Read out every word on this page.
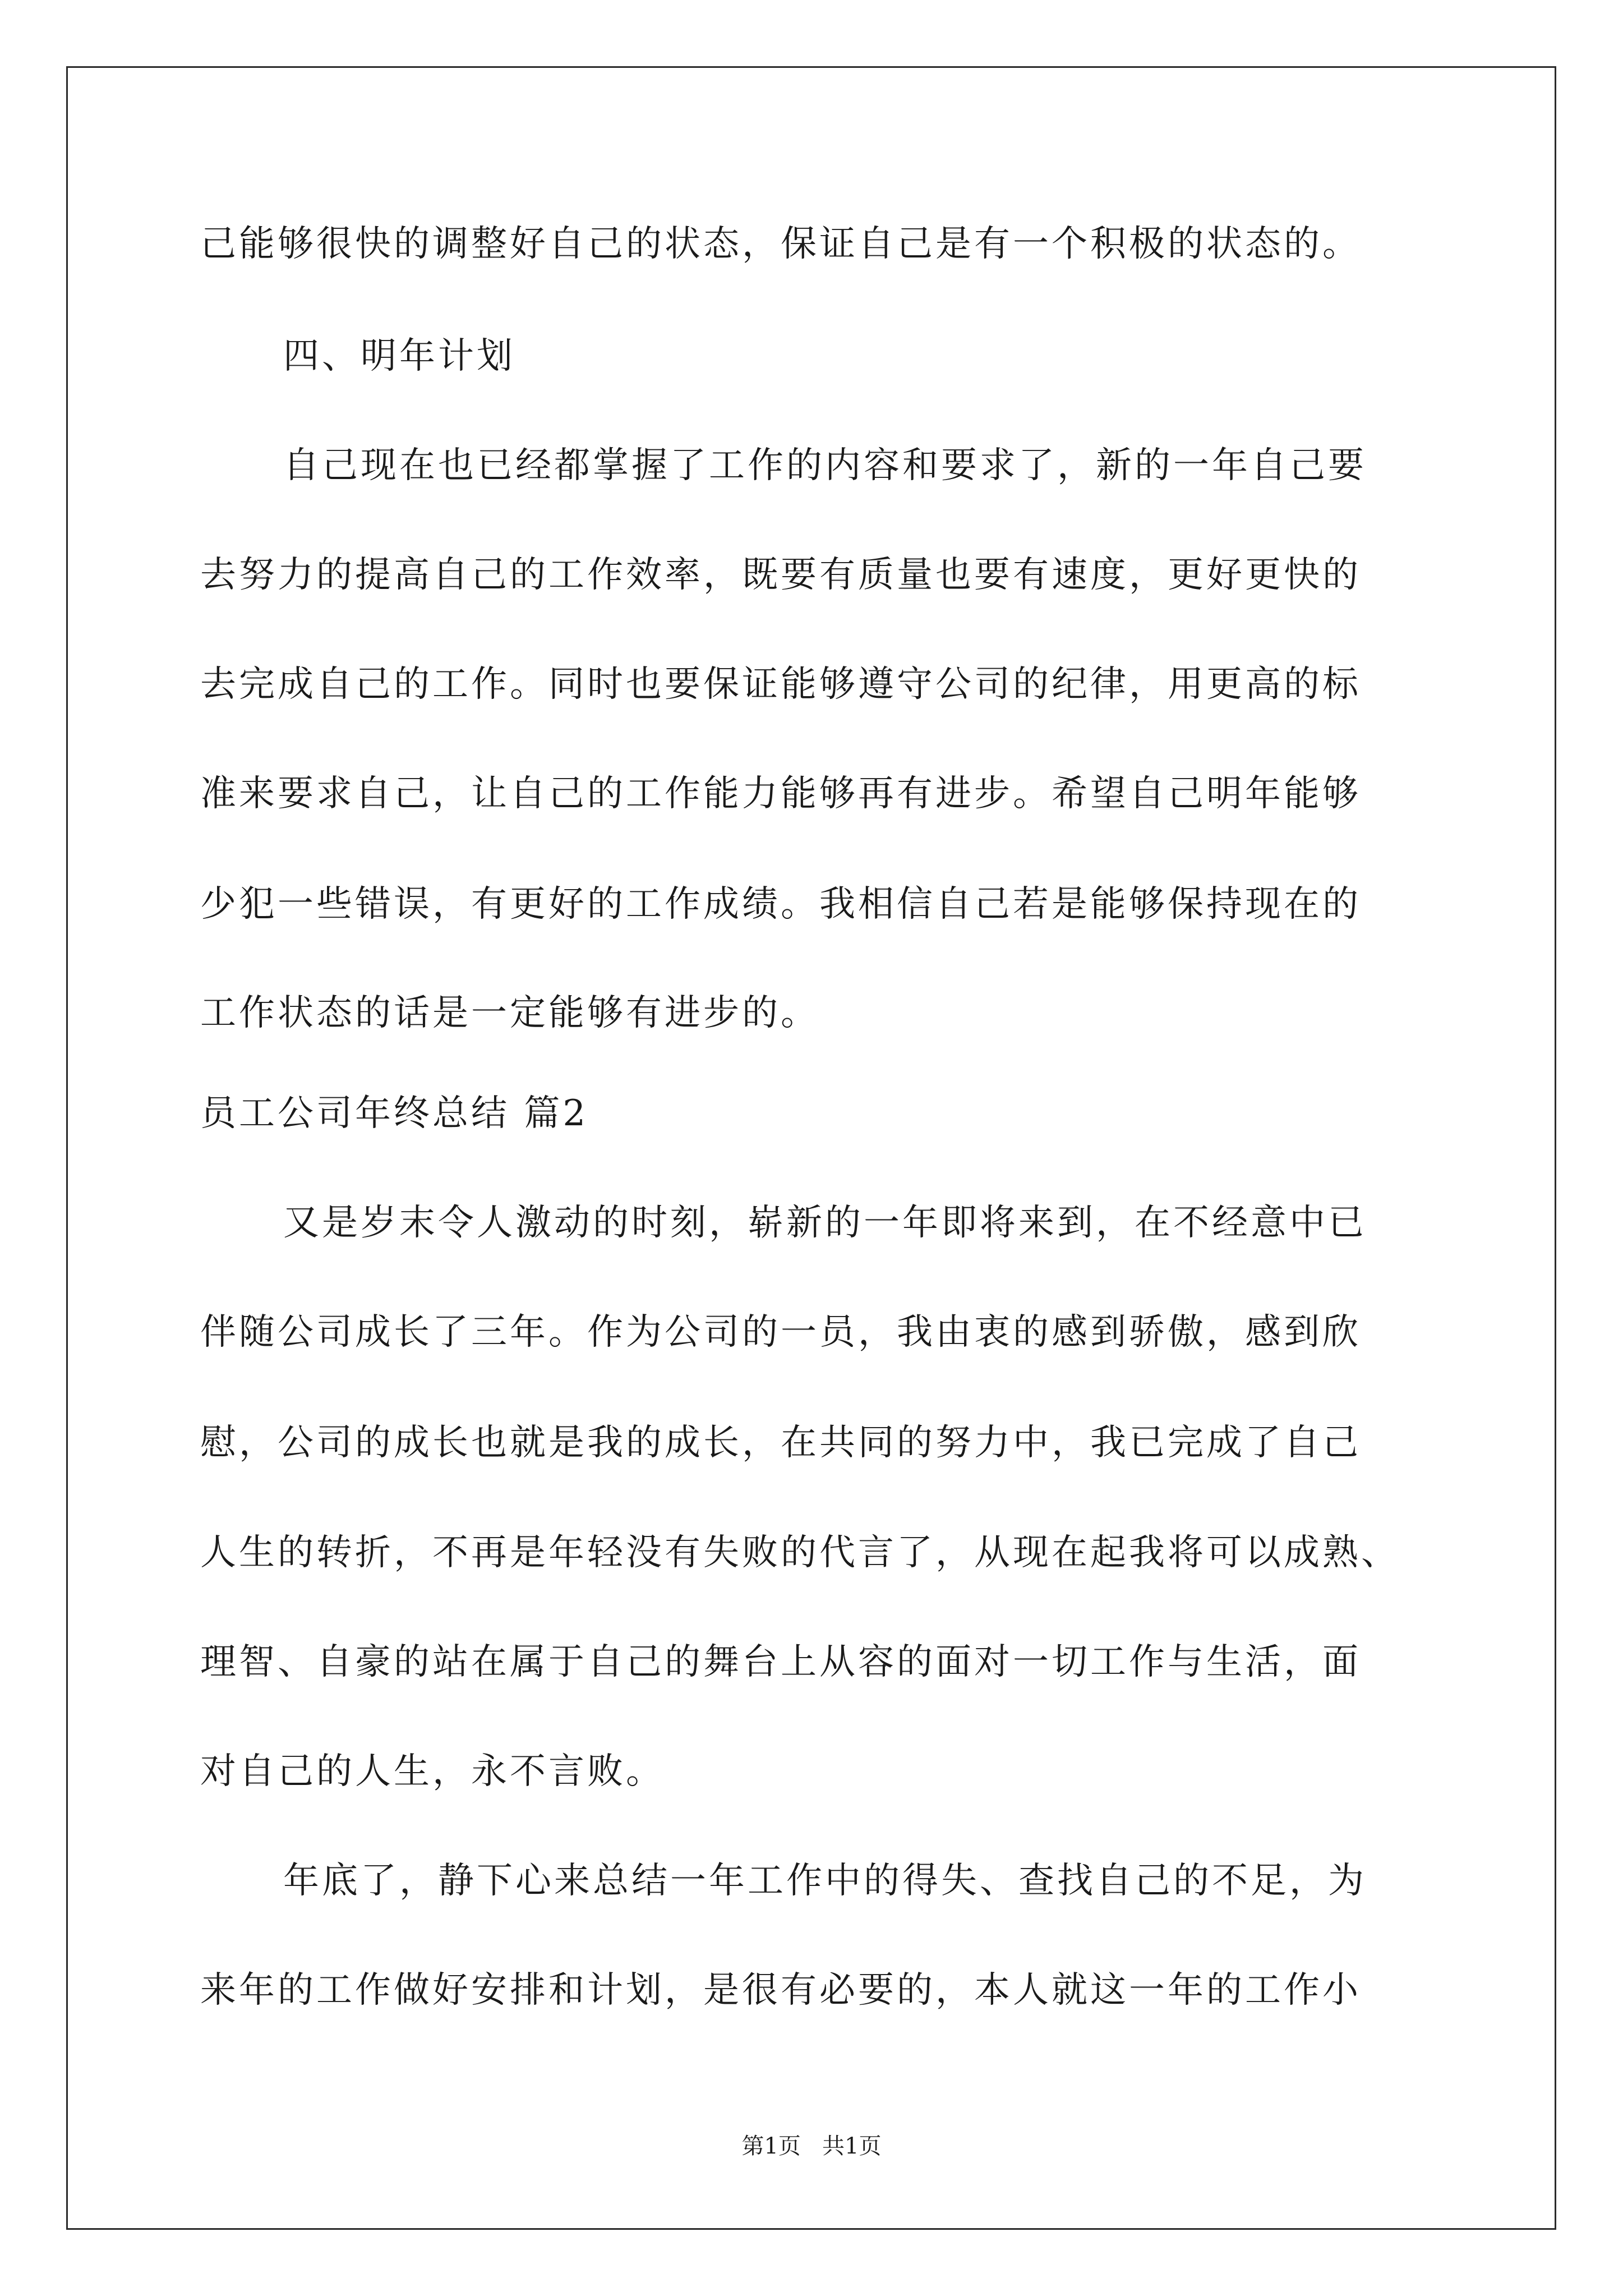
己能够很快的调整好自己的状态，保证自己是有一个积极的状态的。
四、明年计划
自己现在也已经都掌握了工作的内容和要求了，新的一年自己要
去努力的提高自己的工作效率，既要有质量也要有速度，更好更快的
去完成自己的工作。同时也要保证能够遵守公司的纪律，用更高的标
准来要求自己，让自己的工作能力能够再有进步。希望自己明年能够
少犯一些错误，有更好的工作成绩。我相信自己若是能够保持现在的
工作状态的话是一定能够有进步的。
员工公司年终总结 篇2
又是岁末令人激动的时刻，崭新的一年即将来到，在不经意中已
伴随公司成长了三年。作为公司的一员，我由衷的感到骄傲，感到欣
慰，公司的成长也就是我的成长，在共同的努力中，我已完成了自己
人生的转折，不再是年轻没有失败的代言了，从现在起我将可以成熟、
理智、自豪的站在属于自己的舞台上从容的面对一切工作与生活，面
对自己的人生，永不言败。
年底了，静下心来总结一年工作中的得失、查找自己的不足，为
来年的工作做好安排和计划，是很有必要的，本人就这一年的工作小
第1页   共1页
